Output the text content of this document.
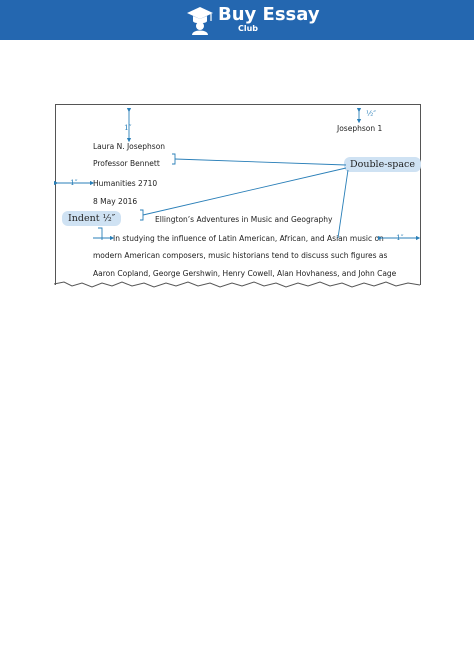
Buy Essay
Club
Josephson 1
Laura N. Josephson
Professor Bennett
Humanities 2710
8 May 2016
Ellington’s Adventures in Music and Geography
In studying the influence of Latin American, African, and Asian music on
modern American composers, music historians tend to discuss such figures as
Aaron Copland, George Gershwin, Henry Cowell, Alan Hovhaness, and John Cage
Double-space
Indent ½″
½″
1″
1″
1″
